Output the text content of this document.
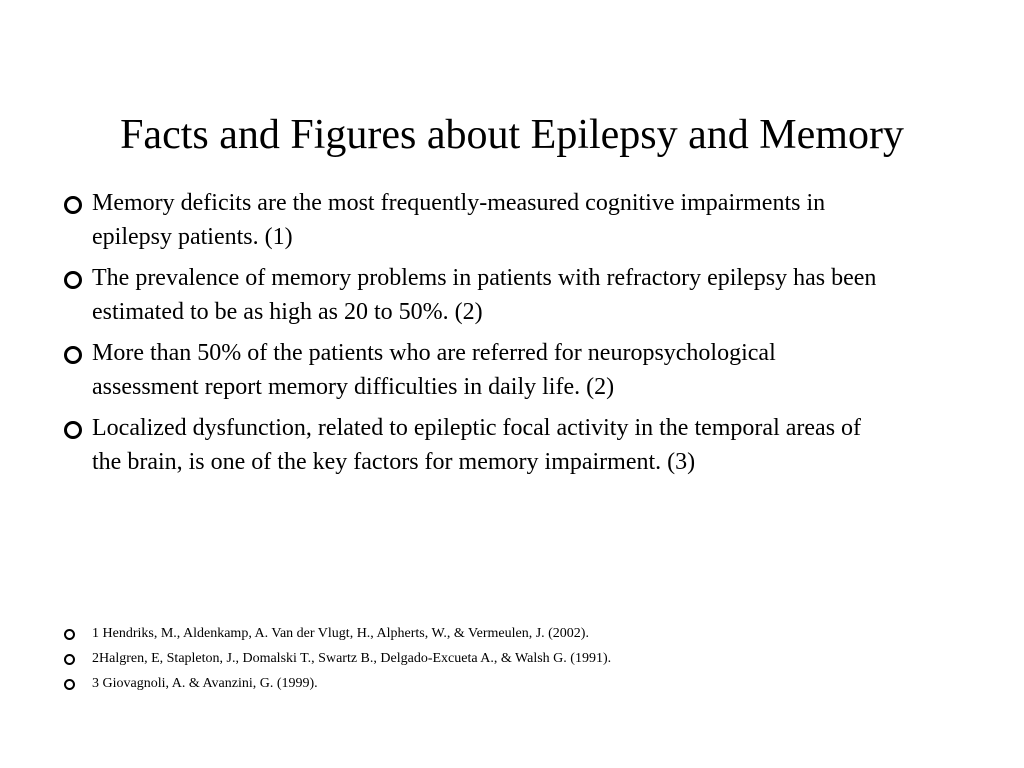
Facts and Figures about Epilepsy and Memory
Memory deficits are the most frequently-measured cognitive impairments in epilepsy patients. (1)
The prevalence of memory problems in patients with refractory epilepsy has been estimated to be as high as 20 to 50%. (2)
More than 50% of the patients who are referred for neuropsychological assessment report memory difficulties in daily life. (2)
Localized dysfunction, related to epileptic focal activity in the temporal areas of the brain, is one of the key factors for memory impairment. (3)
1 Hendriks, M., Aldenkamp, A. Van der Vlugt, H., Alpherts, W., & Vermeulen, J. (2002).
2Halgren, E, Stapleton, J., Domalski T., Swartz B., Delgado-Excueta A., & Walsh G. (1991).
3 Giovagnoli, A. & Avanzini, G. (1999).
